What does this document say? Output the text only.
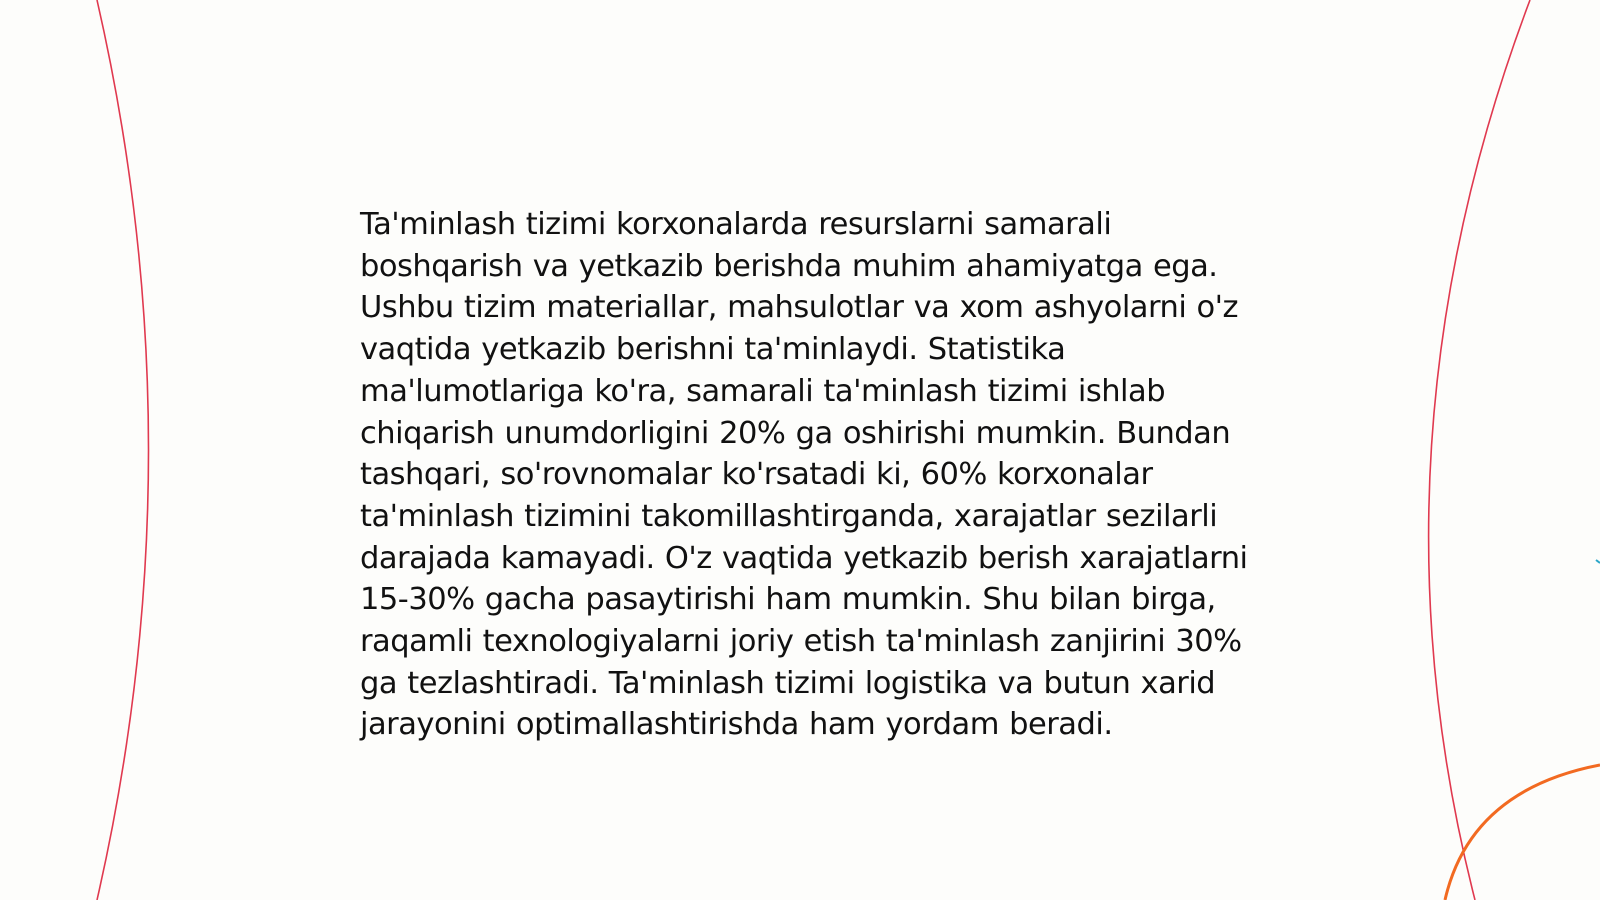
Ta'minlash tizimi korxonalarda resurslarni samarali boshqarish va yetkazib berishda muhim ahamiyatga ega. Ushbu tizim materiallar, mahsulotlar va xom ashyolarni o'z vaqtida yetkazib berishni ta'minlaydi. Statistika ma'lumotlariga ko'ra, samarali ta'minlash tizimi ishlab chiqarish unumdorligini 20% ga oshirishi mumkin. Bundan tashqari, so'rovnomalar ko'rsatadi ki, 60% korxonalar ta'minlash tizimini takomillashtirganda, xarajatlar sezilarli darajada kamayadi. O'z vaqtida yetkazib berish xarajatlarni 15-30% gacha pasaytirishi ham mumkin. Shu bilan birga, raqamli texnologiyalarni joriy etish ta'minlash zanjirini 30% ga tezlashtiradi. Ta'minlash tizimi logistika va butun xarid jarayonini optimallashtirishda ham yordam beradi.
